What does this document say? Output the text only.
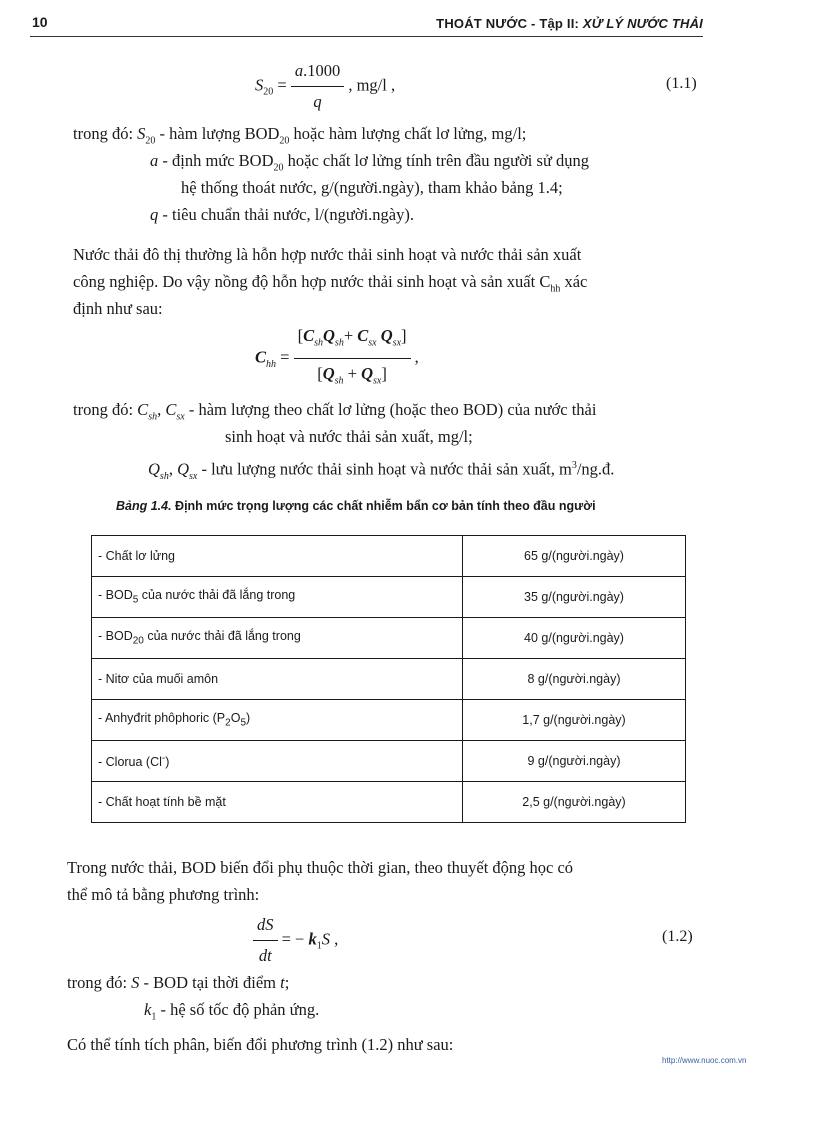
10	THOÁT NƯỚC - Tập II: XỬ LÝ NƯỚC THẢI
$S_{20} = \frac{a.1000}{q}$ , mg/l ,	(1.1)
trong đó: $S_{20}$ - hàm lượng $BOD_{20}$ hoặc hàm lượng chất lơ lửng, mg/l;
a - định mức $BOD_{20}$ hoặc chất lơ lửng tính trên đầu người sử dụng
hệ thống thoát nước, g/(người.ngày), tham khảo bảng 1.4;
q - tiêu chuẩn thải nước, l/(người.ngày).
Nước thải đô thị thường là hỗn hợp nước thải sinh hoạt và nước thải sản xuất
công nghiệp. Do vậy nồng độ hỗn hợp nước thải sinh hoạt và sản xuất $C_{hh}$ xác
định như sau:
$C_{hh} = \frac{[C_{sh}Q_{sh}+ C_{sx} Q_{sx}]}{[Q_{sh} + Q_{sx}]}$ ,
trong đó: $C_{sh}$, $C_{sx}$ - hàm lượng theo chất lơ lửng (hoặc theo BOD) của nước thải
sinh hoạt và nước thải sản xuất, mg/l;
$Q_{sh}$, $Q_{sx}$ - lưu lượng nước thải sinh hoạt và nước thải sản xuất, $m^3/ng.đ$.
Bảng 1.4. Định mức trọng lượng các chất nhiễm bẩn cơ bản tính theo đầu người
- Chất lơ lửng	65 g/(người.ngày)
- $BOD_5$ của nước thải đã lắng trong	35 g/(người.ngày)
- $BOD_{20}$ của nước thải đã lắng trong	40 g/(người.ngày)
- Nitơ của muối amôn	8 g/(người.ngày)
- Anhyđrit phôphoric $(P_2O_5)$	1,7 g/(người.ngày)
- Clorua (Cl-)	9 g/(người.ngày)
- Chất hoạt tính bề mặt	2,5 g/(người.ngày)
Trong nước thải, BOD biến đổi phụ thuộc thời gian, theo thuyết động học có
thể mô tả bằng phương trình:
$\frac{dS}{dt}$ = − $k_1S$ ,	(1.2)
trong đó: S - BOD tại thời điểm t;
$k_1$ - hệ số tốc độ phản ứng.
Có thể tính tích phân, biến đổi phương trình (1.2) như sau:
http://www.nuoc.com.vn
